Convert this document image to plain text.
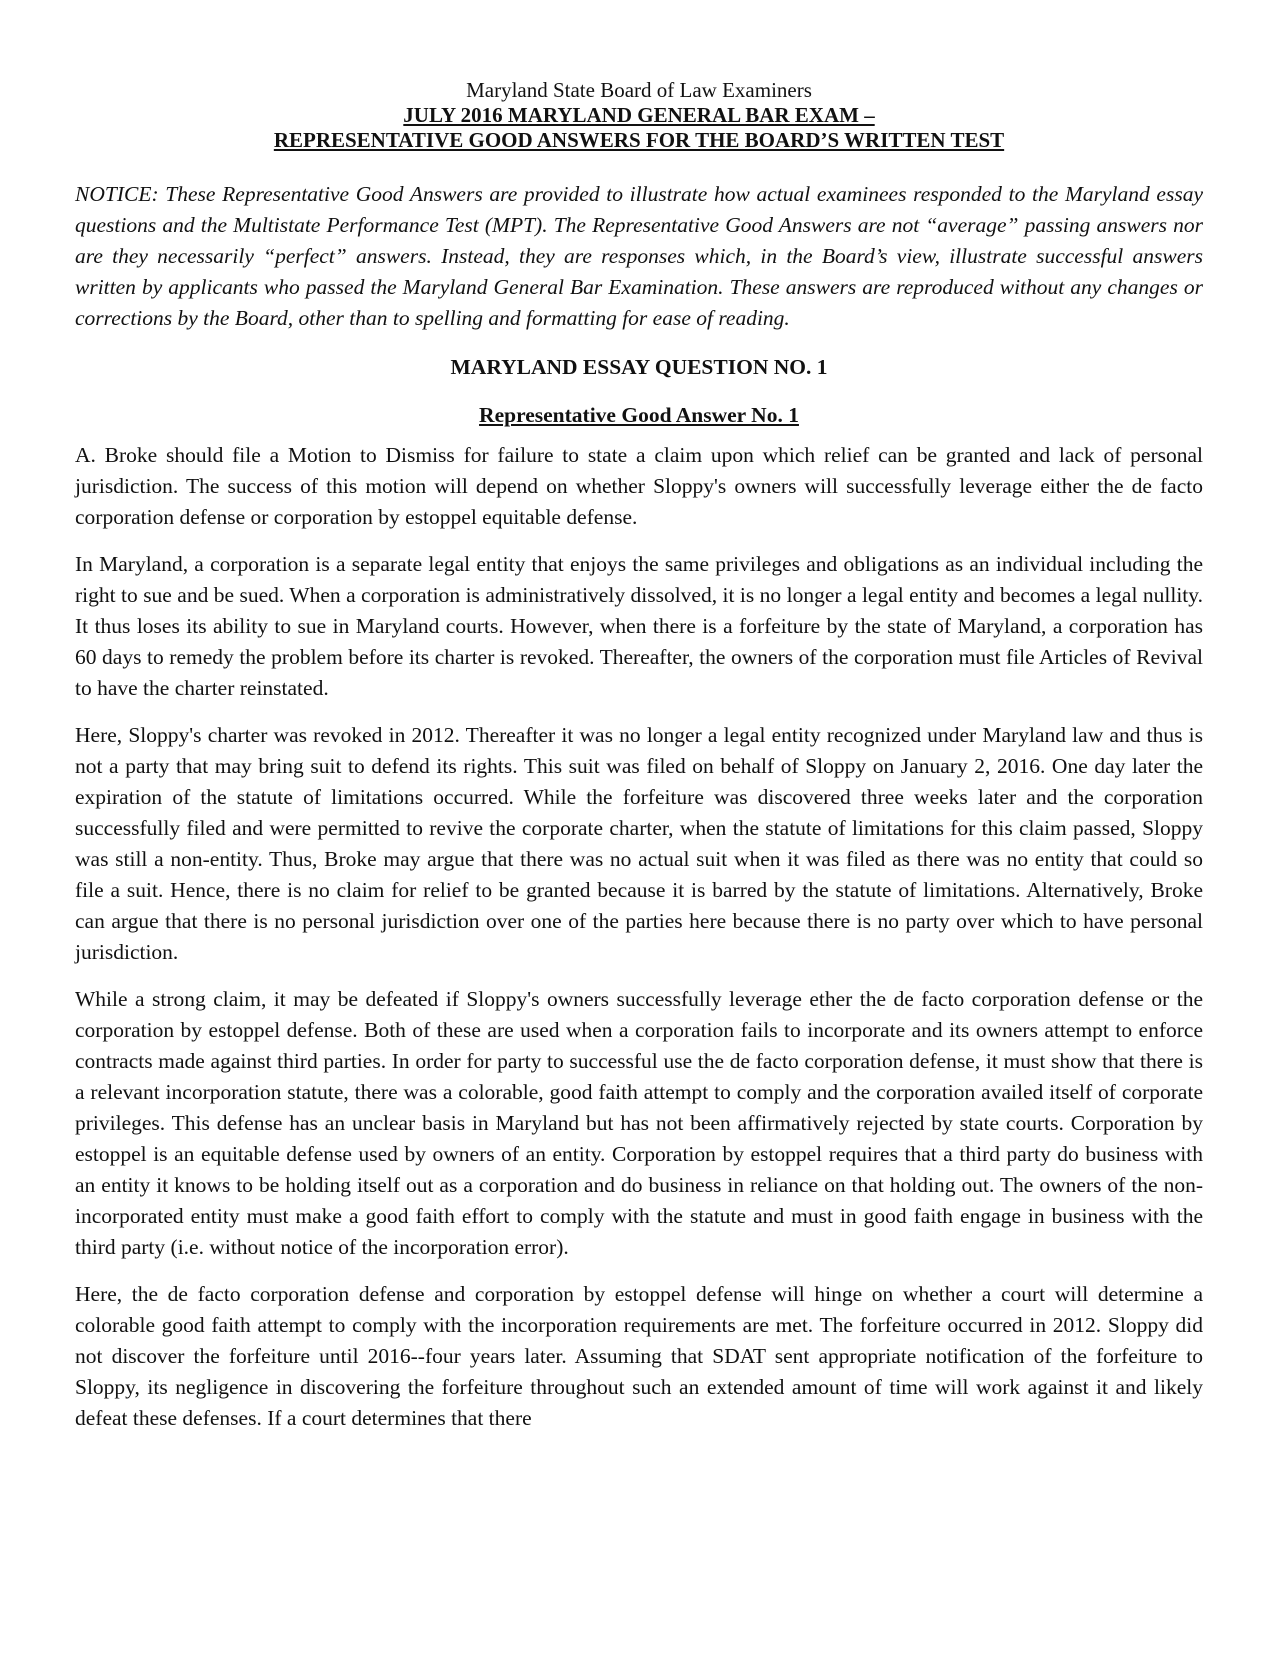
Maryland State Board of Law Examiners

JULY 2016 MARYLAND GENERAL BAR EXAM –

REPRESENTATIVE GOOD ANSWERS FOR THE BOARD’S WRITTEN TEST

NOTICE: These Representative Good Answers are provided to illustrate how actual examinees responded to the Maryland essay questions and the Multistate Performance Test (MPT). The Representative Good Answers are not “average” passing answers nor are they necessarily “perfect” answers. Instead, they are responses which, in the Board’s view, illustrate successful answers written by applicants who passed the Maryland General Bar Examination. These answers are reproduced without any changes or corrections by the Board, other than to spelling and formatting for ease of reading.

MARYLAND ESSAY QUESTION NO. 1

Representative Good Answer No. 1

A. Broke should file a Motion to Dismiss for failure to state a claim upon which relief can be granted and lack of personal jurisdiction. The success of this motion will depend on whether Sloppy's owners will successfully leverage either the de facto corporation defense or corporation by estoppel equitable defense.

In Maryland, a corporation is a separate legal entity that enjoys the same privileges and obligations as an individual including the right to sue and be sued. When a corporation is administratively dissolved, it is no longer a legal entity and becomes a legal nullity. It thus loses its ability to sue in Maryland courts. However, when there is a forfeiture by the state of Maryland, a corporation has 60 days to remedy the problem before its charter is revoked. Thereafter, the owners of the corporation must file Articles of Revival to have the charter reinstated.

Here, Sloppy's charter was revoked in 2012. Thereafter it was no longer a legal entity recognized under Maryland law and thus is not a party that may bring suit to defend its rights. This suit was filed on behalf of Sloppy on January 2, 2016. One day later the expiration of the statute of limitations occurred. While the forfeiture was discovered three weeks later and the corporation successfully filed and were permitted to revive the corporate charter, when the statute of limitations for this claim passed, Sloppy was still a non-entity. Thus, Broke may argue that there was no actual suit when it was filed as there was no entity that could so file a suit. Hence, there is no claim for relief to be granted because it is barred by the statute of limitations. Alternatively, Broke can argue that there is no personal jurisdiction over one of the parties here because there is no party over which to have personal jurisdiction.

While a strong claim, it may be defeated if Sloppy's owners successfully leverage ether the de facto corporation defense or the corporation by estoppel defense. Both of these are used when a corporation fails to incorporate and its owners attempt to enforce contracts made against third parties. In order for party to successful use the de facto corporation defense, it must show that there is a relevant incorporation statute, there was a colorable, good faith attempt to comply and the corporation availed itself of corporate privileges. This defense has an unclear basis in Maryland but has not been affirmatively rejected by state courts. Corporation by estoppel is an equitable defense used by owners of an entity. Corporation by estoppel requires that a third party do business with an entity it knows to be holding itself out as a corporation and do business in reliance on that holding out. The owners of the non-incorporated entity must make a good faith effort to comply with the statute and must in good faith engage in business with the third party (i.e. without notice of the incorporation error).

Here, the de facto corporation defense and corporation by estoppel defense will hinge on whether a court will determine a colorable good faith attempt to comply with the incorporation requirements are met. The forfeiture occurred in 2012. Sloppy did not discover the forfeiture until 2016--four years later. Assuming that SDAT sent appropriate notification of the forfeiture to Sloppy, its negligence in discovering the forfeiture throughout such an extended amount of time will work against it and likely defeat these defenses. If a court determines that there
